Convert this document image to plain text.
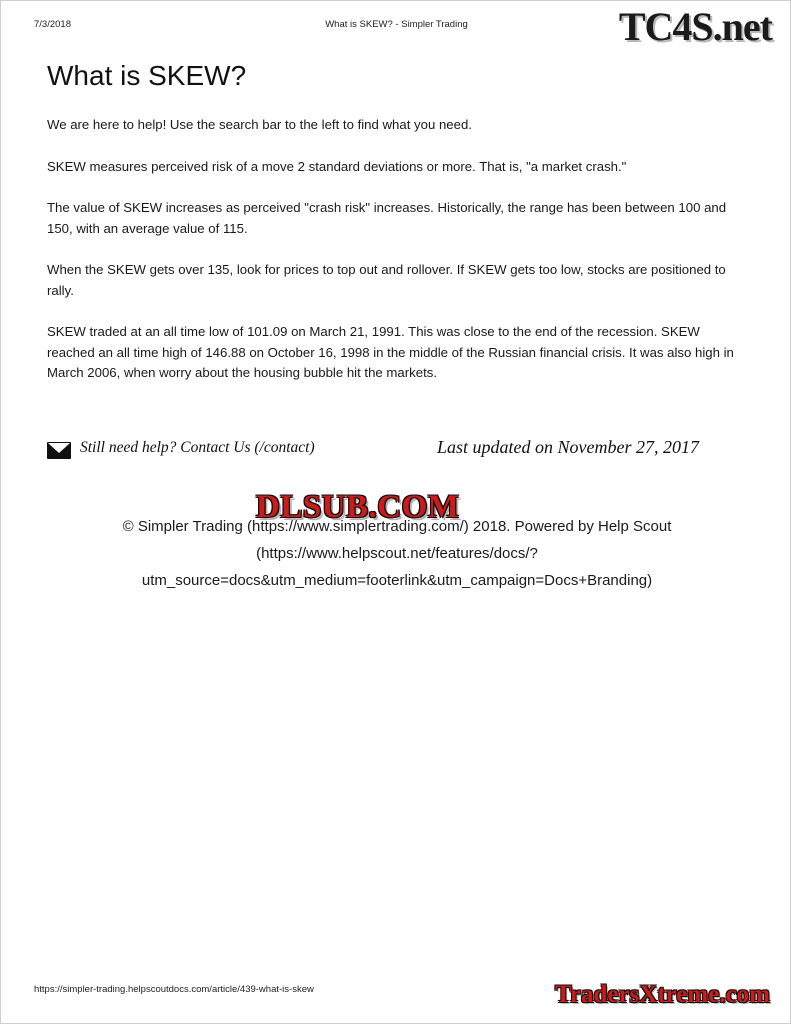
7/3/2018	What is SKEW? - Simpler Trading	TC4S.net
What is SKEW?

We are here to help! Use the search bar to the left to find what you need.

SKEW measures perceived risk of a move 2 standard deviations or more. That is, "a market crash."

The value of SKEW increases as perceived "crash risk" increases. Historically, the range has been between 100 and 150, with an average value of 115.

When the SKEW gets over 135, look for prices to top out and rollover. If SKEW gets too low, stocks are positioned to rally.

SKEW traded at an all time low of 101.09 on March 21, 1991. This was close to the end of the recession. SKEW reached an all time high of 146.88 on October 16, 1998 in the middle of the Russian financial crisis. It was also high in March 2006, when worry about the housing bubble hit the markets.

Still need help? Contact Us (/contact)	Last updated on November 27, 2017
© Simpler Trading (https://www.simplertrading.com/) 2018. Powered by Help Scout
(https://www.helpscout.net/features/docs/?
utm_source=docs&utm_medium=footerlink&utm_campaign=Docs+Branding)
DLSUB.COM
https://simpler-trading.helpscoutdocs.com/article/439-what-is-skew	TradersXtreme.com
